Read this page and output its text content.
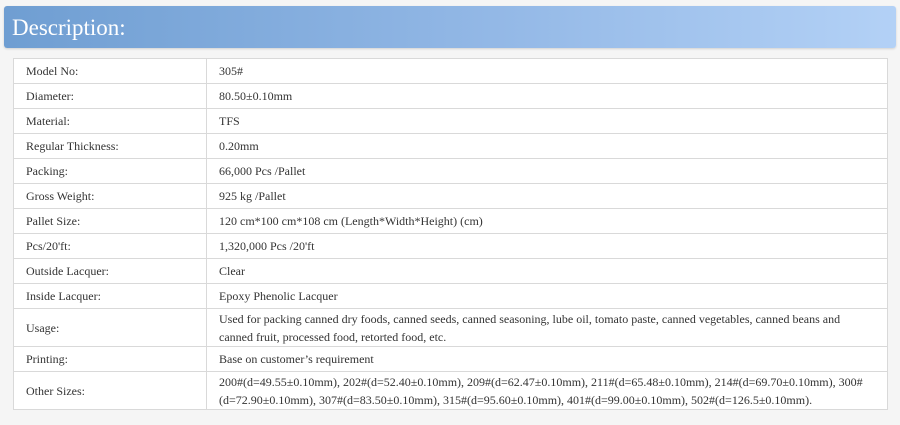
Description:
Model No:	305#
Diameter:	80.50±0.10mm
Material:	TFS
Regular Thickness:	0.20mm
Packing:	66,000 Pcs /Pallet
Gross Weight:	925 kg /Pallet
Pallet Size:	120 cm*100 cm*108 cm (Length*Width*Height) (cm)
Pcs/20'ft:	1,320,000 Pcs /20'ft
Outside Lacquer:	Clear
Inside Lacquer:	Epoxy Phenolic Lacquer
Usage:	Used for packing canned dry foods, canned seeds, canned seasoning, lube oil, tomato paste, canned vegetables, canned beans and canned fruit, processed food, retorted food, etc.
Printing:	Base on customer’s requirement
Other Sizes:	200#(d=49.55±0.10mm), 202#(d=52.40±0.10mm), 209#(d=62.47±0.10mm), 211#(d=65.48±0.10mm), 214#(d=69.70±0.10mm), 300#(d=72.90±0.10mm), 307#(d=83.50±0.10mm), 315#(d=95.60±0.10mm), 401#(d=99.00±0.10mm), 502#(d=126.5±0.10mm).
